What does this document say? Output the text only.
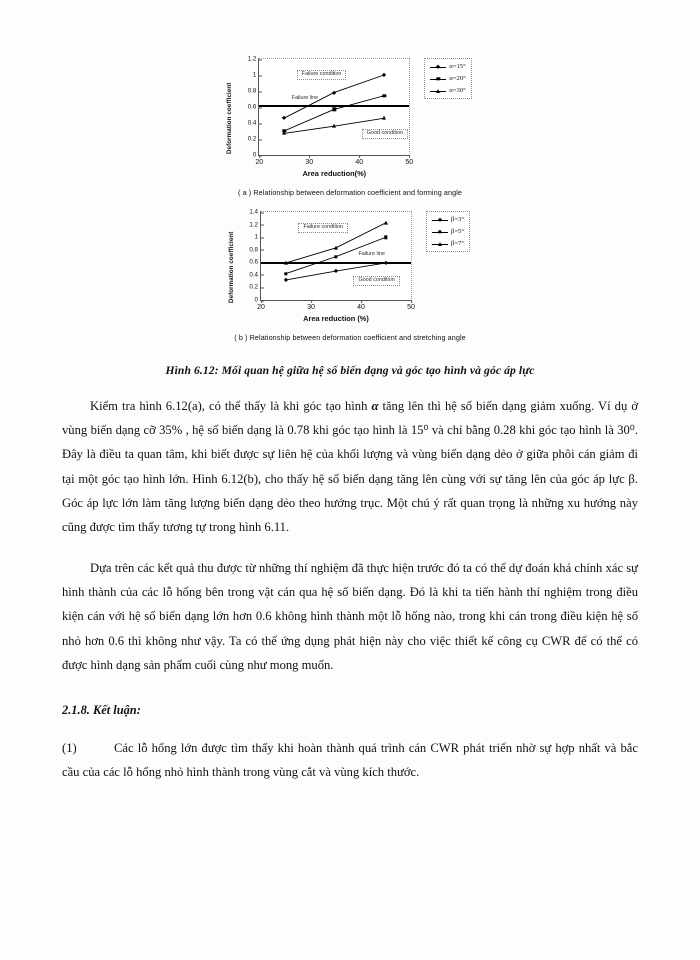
Deformation coefficient
0
0.2
0.4
0.6
0.8
1
1.2
20	30	40	50
Failure condition
Failure line
Good condition
Area reduction(%)
α=15°
α=20°
α=30°
( a ) Relationship between deformation coefficient and forming angle
Deformation coefficient	0
0.2
0.4
0.6
0.8
1
1.2
1.4
20	30	40	50
Failure condition
Failure line
Good condition
Area reduction (%)
β=3°
β=5°
β=7°
( b ) Relationship between deformation coefficient and stretching angle
Hình 6.12: Mối quan hệ giữa hệ số biến dạng và góc tạo hình và góc áp lực

Kiểm tra hình 6.12(a), có thể thấy là khi góc tạo hình α tăng lên thì hệ số biến dạng giảm xuống. Ví dụ ở vùng biến dạng cỡ 35% , hệ số biến dạng là 0.78 khi góc tạo hình là 15⁰ và chỉ bằng 0.28 khi góc tạo hình là 30⁰. Đây là điều ta quan tâm, khi biết được sự liên hệ của khối lượng và vùng biến dạng dẻo ở giữa phôi cán giảm đi tại một góc tạo hình lớn. Hình 6.12(b), cho thấy hệ số biến dạng tăng lên cùng với sự tăng lên của góc áp lực β. Góc áp lực lớn làm tăng lượng biến dạng dẻo theo hướng trục. Một chú ý rất quan trọng là những xu hướng này cũng được tìm thấy tương tự trong hình 6.11.

Dựa trên các kết quả thu được từ những thí nghiệm đã thực hiện trước đó ta có thể dự đoán khá chính xác sự hình thành của các lỗ hổng bên trong vật cán qua hệ số biến dạng. Đó là khi ta tiến hành thí nghiệm trong điều kiện cán với hệ số biến dạng lớn hơn 0.6 không hình thành một lỗ hổng nào, trong khi cán trong điều kiện hệ số nhỏ hơn 0.6 thì không như vậy. Ta có thể ứng dụng phát hiện này cho việc thiết kế công cụ CWR để có thể có được hình dạng sản phẩm cuối cùng như mong muốn.

2.1.8. Kết luận:
(1)	Các lỗ hổng lớn được tìm thấy khi hoàn thành quá trình cán CWR phát triển nhờ sự hợp nhất và bắc cầu của các lỗ hổng nhỏ hình thành trong vùng cắt và vùng kích thước.
